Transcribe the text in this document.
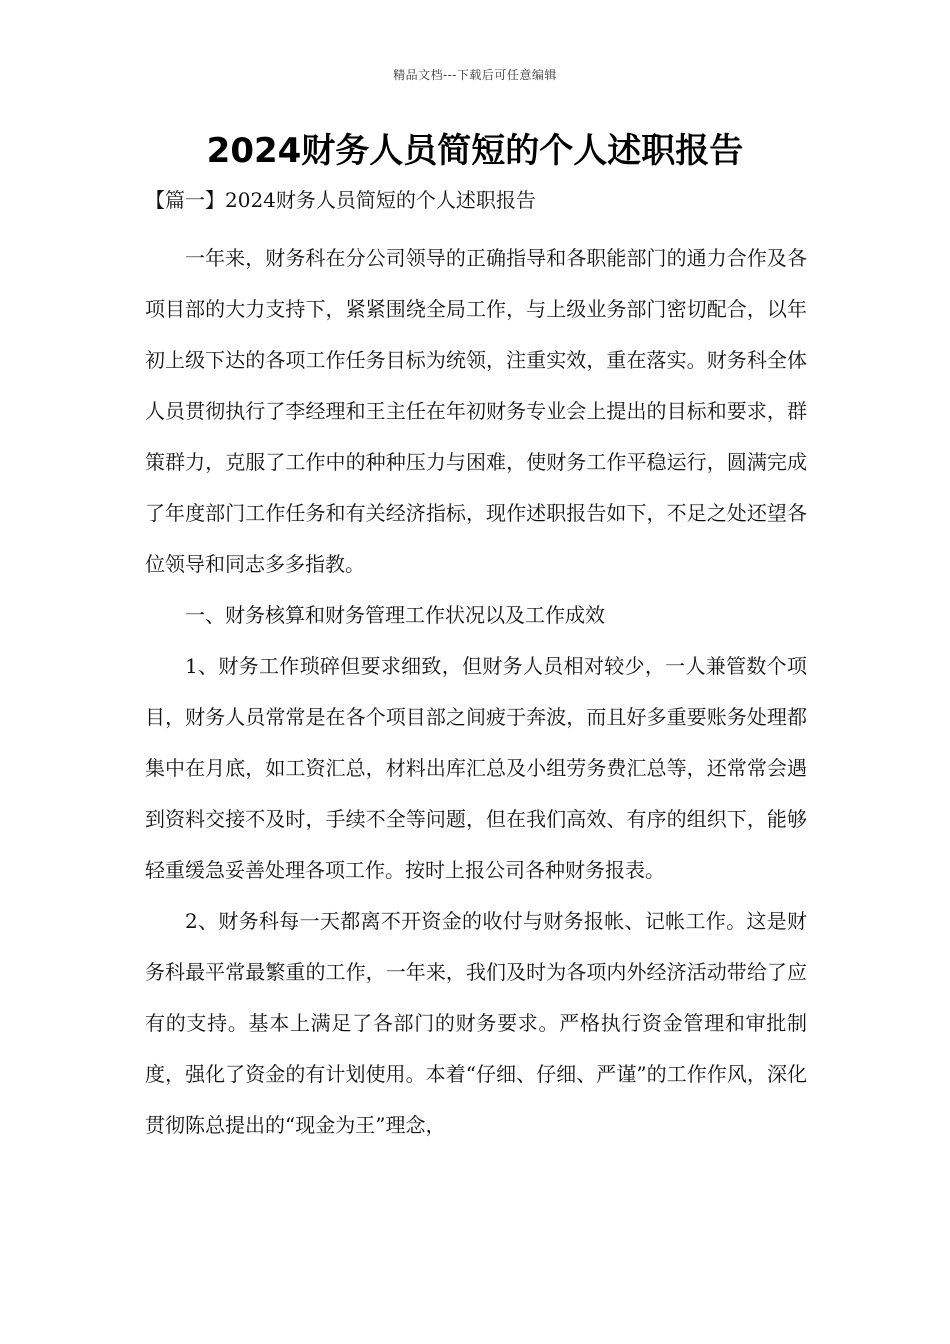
精品文档---下载后可任意编辑
2024财务人员简短的个人述职报告
【篇一】2024财务人员简短的个人述职报告

一年来，财务科在分公司领导的正确指导和各职能部门的通力合作及各项目部的大力支持下，紧紧围绕全局工作，与上级业务部门密切配合，以年初上级下达的各项工作任务目标为统领，注重实效，重在落实。财务科全体人员贯彻执行了李经理和王主任在年初财务专业会上提出的目标和要求，群策群力，克服了工作中的种种压力与困难，使财务工作平稳运行，圆满完成了年度部门工作任务和有关经济指标，现作述职报告如下，不足之处还望各位领导和同志多多指教。

一、财务核算和财务管理工作状况以及工作成效

1、财务工作琐碎但要求细致，但财务人员相对较少，一人兼管数个项目，财务人员常常是在各个项目部之间疲于奔波，而且好多重要账务处理都集中在月底，如工资汇总，材料出库汇总及小组劳务费汇总等，还常常会遇到资料交接不及时，手续不全等问题，但在我们高效、有序的组织下，能够轻重缓急妥善处理各项工作。按时上报公司各种财务报表。

2、财务科每一天都离不开资金的收付与财务报帐、记帐工作。这是财务科最平常最繁重的工作，一年来，我们及时为各项内外经济活动带给了应有的支持。基本上满足了各部门的财务要求。严格执行资金管理和审批制度，强化了资金的有计划使用。本着“仔细、仔细、严谨”的工作作风，深化贯彻陈总提出的“现金为王”理念，
